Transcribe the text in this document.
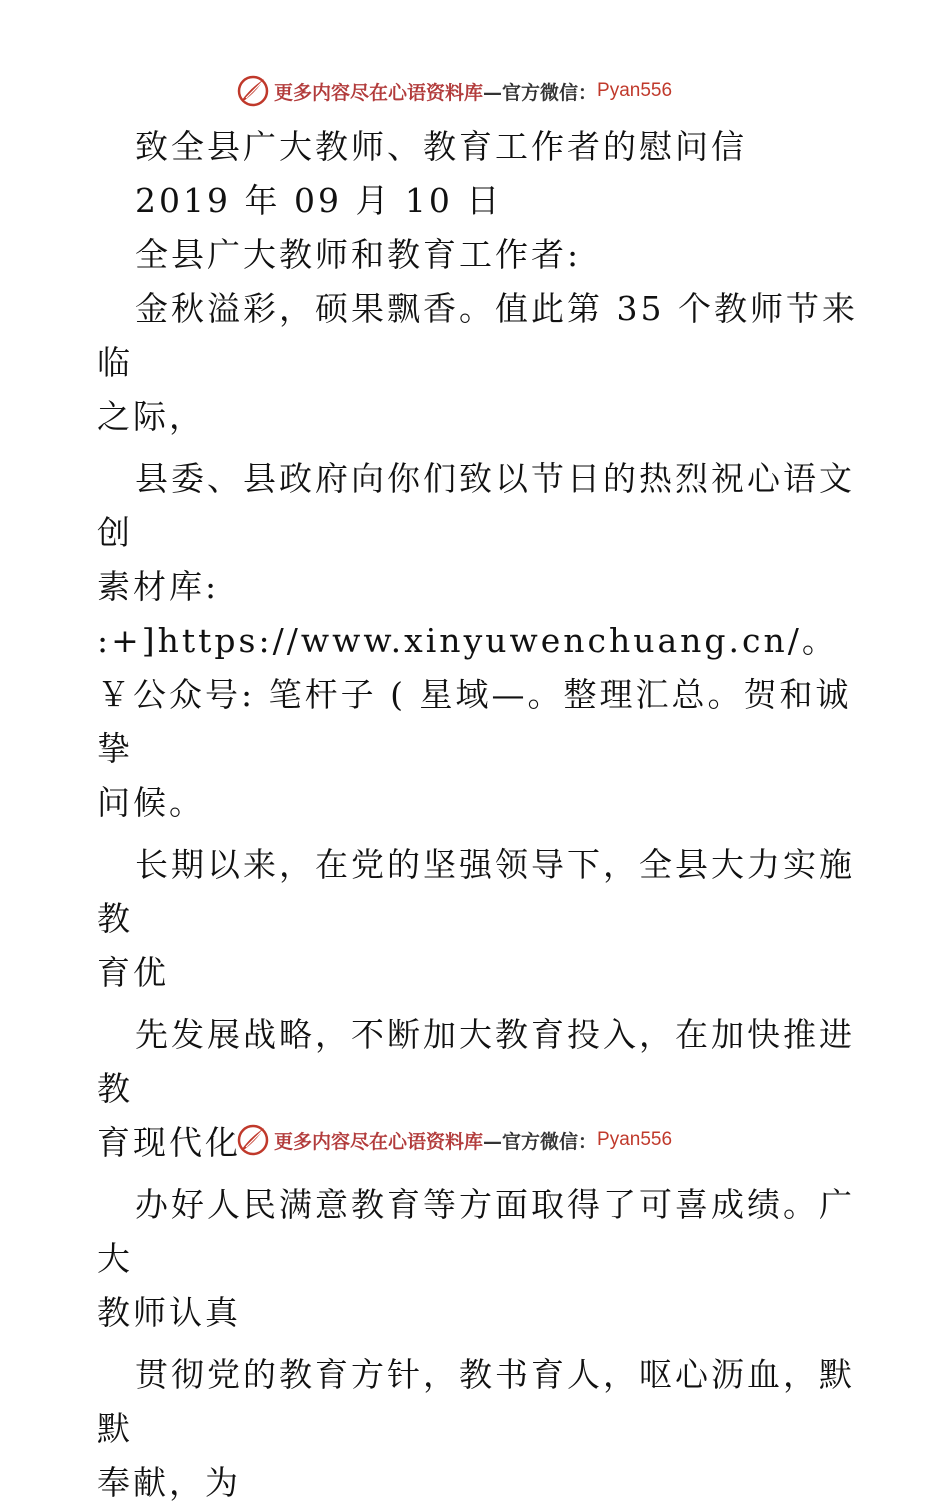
更多内容尽在心语资料库 —官方微信： Pyan556

致全县广大教师、教育工作者的慰问信

2019 年 09 月 10 日

全县广大教师和教育工作者:

金秋溢彩，硕果飘香。值此第 35 个教师节来临

之际，

县委、县政府向你们致以节日的热烈祝心语文创

素材库: :+]https://www.xinyuwenchuang.cn/。

￥公众号: 笔杆子 ( 星域—。整理汇总。贺和诚挚

问候。

长期以来，在党的坚强领导下，全县大力实施教

育优

先发展战略，不断加大教育投入，在加快推进教

育现代化

办好人民满意教育等方面取得了可喜成绩。广大

教师认真

贯彻党的教育方针，教书育人，呕心沥血，默默

奉献，为

更多内容尽在心语资料库 —官方微信： Pyan556
